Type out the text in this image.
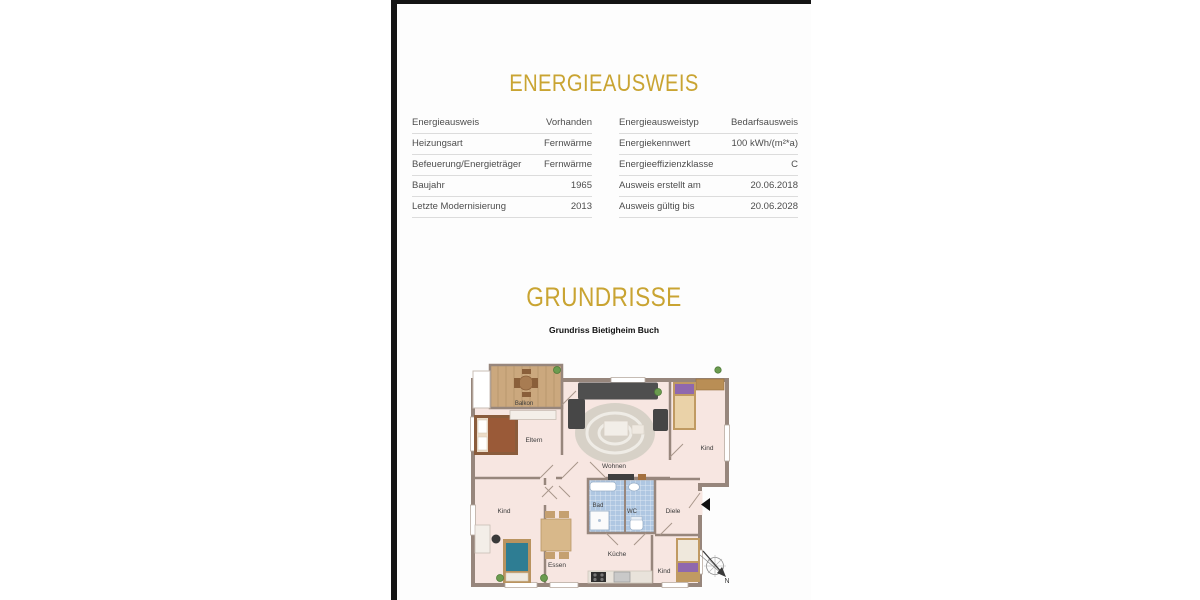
ENERGIEAUSWEIS
Energieausweis	Vorhanden
Heizungsart	Fernwärme
Befeuerung/Energieträger Fernwärme
Baujahr	1965
Letzte Modernisierung	2013
Energieausweistyp	Bedarfsausweis
Energiekennwert	100 kWh/(m²*a)
Energieeffizienzklasse	C
Ausweis erstellt am	20.06.2018
Ausweis gültig bis	20.06.2028
GRUNDRISSE
Grundriss Bietigheim Buch
Balkon
Eltern
Wohnen
Kind
Kind
Bad
WC	Diele
Essen
Küche
Kind
N
